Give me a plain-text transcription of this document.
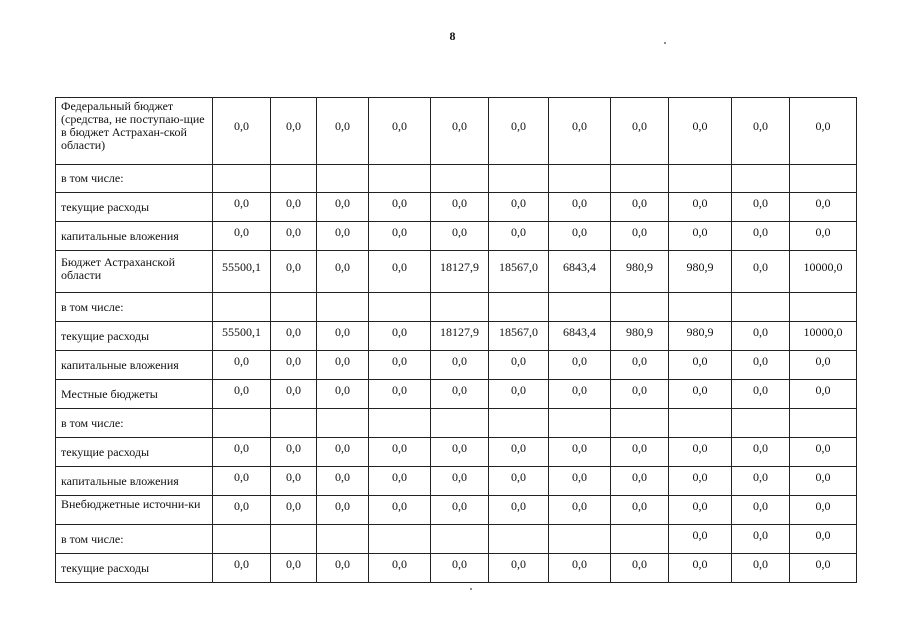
8
Федеральный бюджет (средства, не поступаю-щие в бюджет Астрахан-ской области)	0,0	0,0	0,0	0,0	0,0	0,0	0,0	0,0	0,0	0,0	0,0
в том числе:											
текущие расходы	0,0	0,0	0,0	0,0	0,0	0,0	0,0	0,0	0,0	0,0	0,0
капитальные вложения	0,0	0,0	0,0	0,0	0,0	0,0	0,0	0,0	0,0	0,0	0,0
Бюджет Астраханской области	55500,1	0,0	0,0	0,0	18127,9	18567,0	6843,4	980,9	980,9	0,0	10000,0
в том числе:											
текущие расходы	55500,1	0,0	0,0	0,0	18127,9	18567,0	6843,4	980,9	980,9	0,0	10000,0
капитальные вложения	0,0	0,0	0,0	0,0	0,0	0,0	0,0	0,0	0,0	0,0	0,0
Местные бюджеты	0,0	0,0	0,0	0,0	0,0	0,0	0,0	0,0	0,0	0,0	0,0
в том числе:											
текущие расходы	0,0	0,0	0,0	0,0	0,0	0,0	0,0	0,0	0,0	0,0	0,0
капитальные вложения	0,0	0,0	0,0	0,0	0,0	0,0	0,0	0,0	0,0	0,0	0,0
Внебюджетные источни-ки	0,0	0,0	0,0	0,0	0,0	0,0	0,0	0,0	0,0	0,0	0,0
в том числе:									0,0	0,0	0,0
текущие расходы	0,0	0,0	0,0	0,0	0,0	0,0	0,0	0,0	0,0	0,0	0,0
